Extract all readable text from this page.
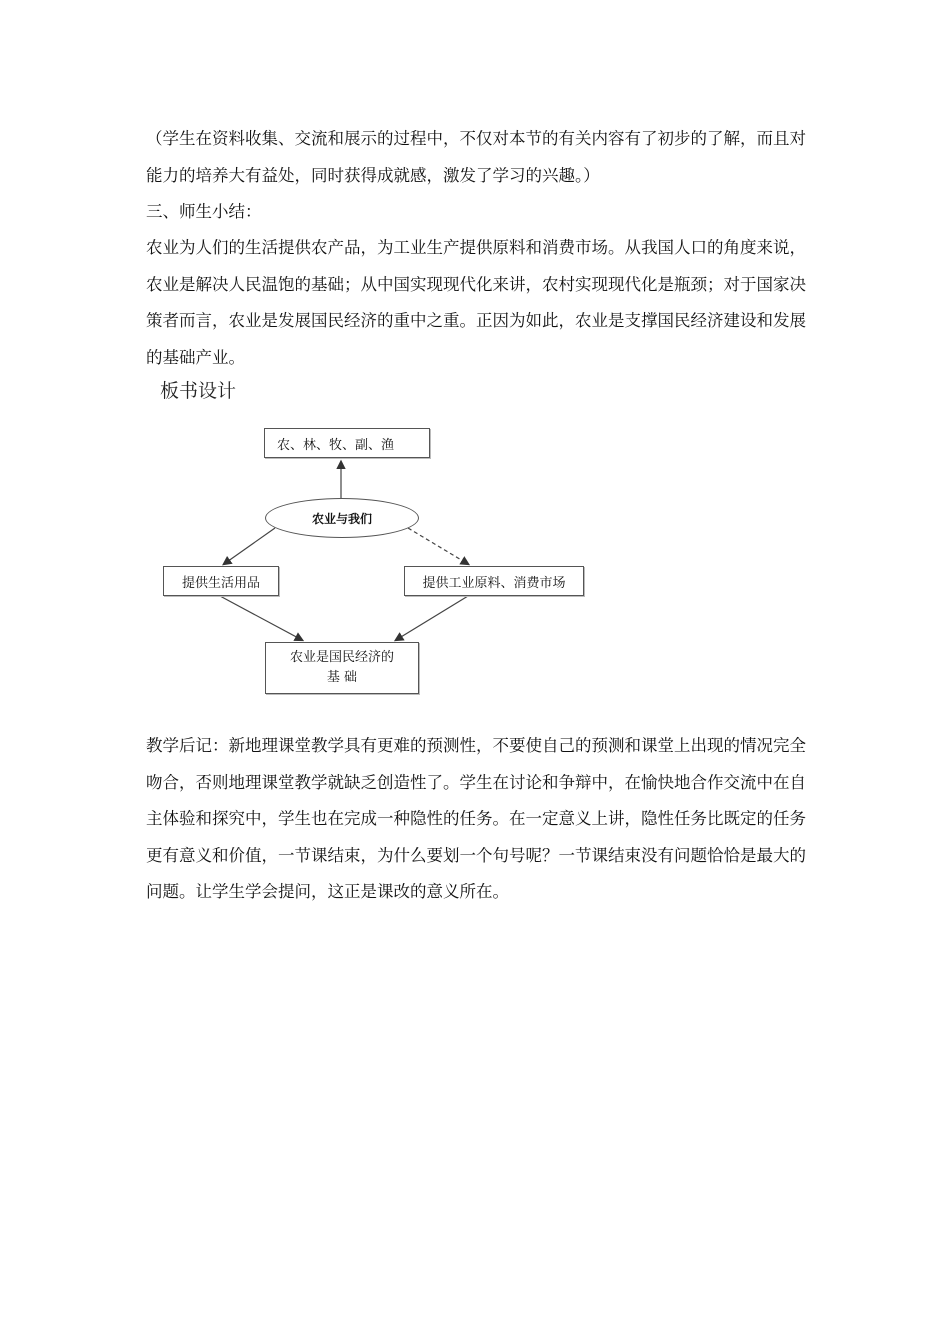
（学生在资料收集、交流和展示的过程中，不仅对本节的有关内容有了初步的了解，而且对能力的培养大有益处，同时获得成就感，激发了学习的兴趣。）

三、师生小结：

农业为人们的生活提供农产品，为工业生产提供原料和消费市场。从我国人口的角度来说，农业是解决人民温饱的基础；从中国实现现代化来讲，农村实现现代化是瓶颈；对于国家决策者而言，农业是发展国民经济的重中之重。正因为如此，农业是支撑国民经济建设和发展的基础产业。

板书设计
农、林、牧、副、渔
农业与我们
提供生活用品	提供工业原料、消费市场
农业是国民经济的
基 础

教学后记：新地理课堂教学具有更难的预测性，不要使自己的预测和课堂上出现的情况完全吻合，否则地理课堂教学就缺乏创造性了。学生在讨论和争辩中，在愉快地合作交流中在自主体验和探究中，学生也在完成一种隐性的任务。在一定意义上讲，隐性任务比既定的任务更有意义和价值，一节课结束，为什么要划一个句号呢？一节课结束没有问题恰恰是最大的问题。让学生学会提问，这正是课改的意义所在。
